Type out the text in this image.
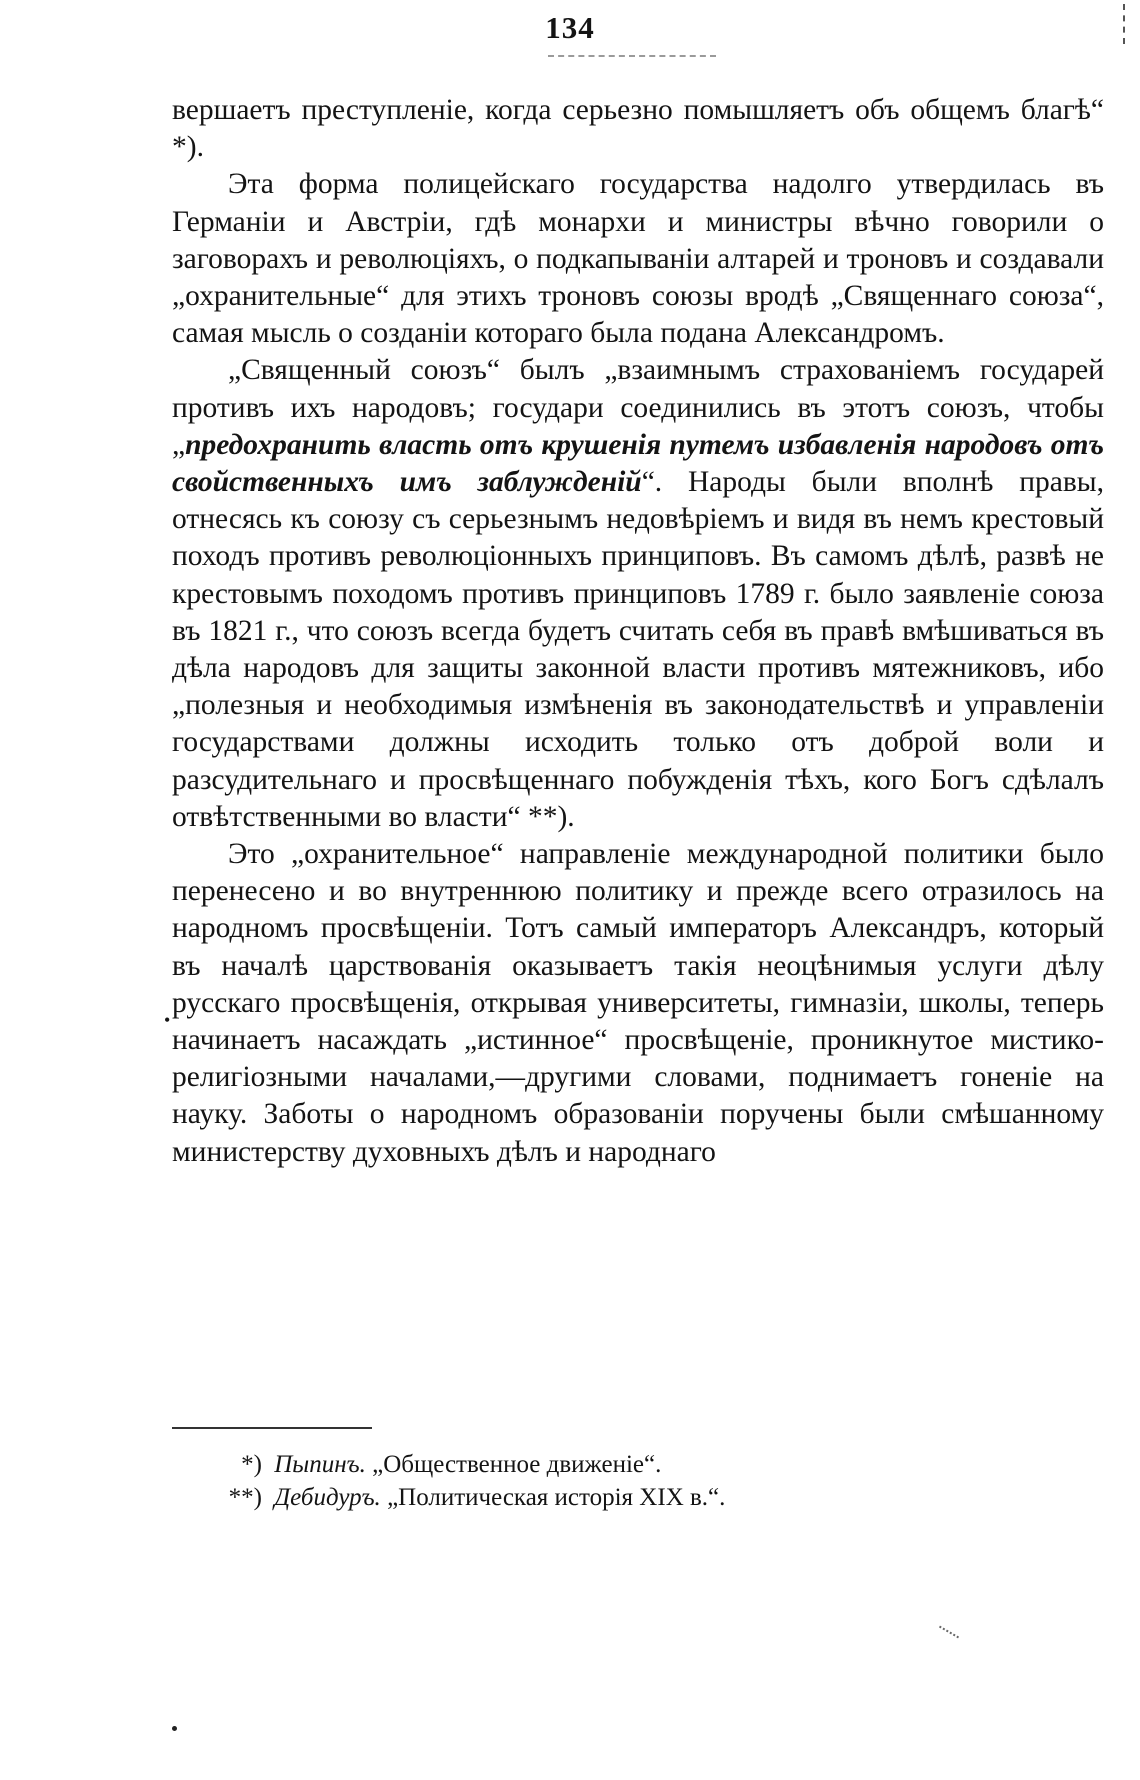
134

вершаетъ преступленіе, когда серьезно помышляетъ объ общемъ благѣ“ *).

Эта форма полицейскаго государства надолго утвердилась въ Германіи и Австріи, гдѣ монархи и министры вѣчно говорили о заговорахъ и революціяхъ, о подкапываніи алтарей и троновъ и создавали „охранительные“ для этихъ троновъ союзы вродѣ „Священнаго союза“, самая мысль о созданіи котораго была подана Александромъ.

„Священный союзъ“ былъ „взаимнымъ страхованіемъ государей противъ ихъ народовъ; государи соединились въ этотъ союзъ, чтобы „предохранить власть отъ крушенія путемъ избавленія народовъ отъ свойственныхъ имъ заблужденій“. Народы были вполнѣ правы, отнесясь къ союзу съ серьезнымъ недовѣріемъ и видя въ немъ крестовый походъ противъ революціонныхъ принциповъ. Въ самомъ дѣлѣ, развѣ не крестовымъ походомъ противъ принциповъ 1789 г. было заявленіе союза въ 1821 г., что союзъ всегда будетъ считать себя въ правѣ вмѣшиваться въ дѣла народовъ для защиты законной власти противъ мятежниковъ, ибо „полезныя и необходимыя измѣненія въ законодательствѣ и управленіи государствами должны исходить только отъ доброй воли и разсудительнаго и просвѣщеннаго побужденія тѣхъ, кого Богъ сдѣлалъ отвѣтственными во власти“ **).

Это „охранительное“ направленіе международной политики было перенесено и во внутреннюю политику и прежде всего отразилось на народномъ просвѣщеніи. Тотъ самый императоръ Александръ, который въ началѣ царствованія оказываетъ такія неоцѣнимыя услуги дѣлу русскаго просвѣщенія, открывая университеты, гимназіи, школы, теперь начинаетъ насаждать „истинное“ просвѣщеніе, проникнутое мистико-религіозными началами,—другими словами, поднимаетъ гоненіе на науку. Заботы о народномъ образованіи поручены были смѣшанному министерству духовныхъ дѣлъ и народнаго

•
*) Пыпинъ. „Общественное движеніе“.
**) Дебидуръ. „Политическая исторія XIX в.“.
